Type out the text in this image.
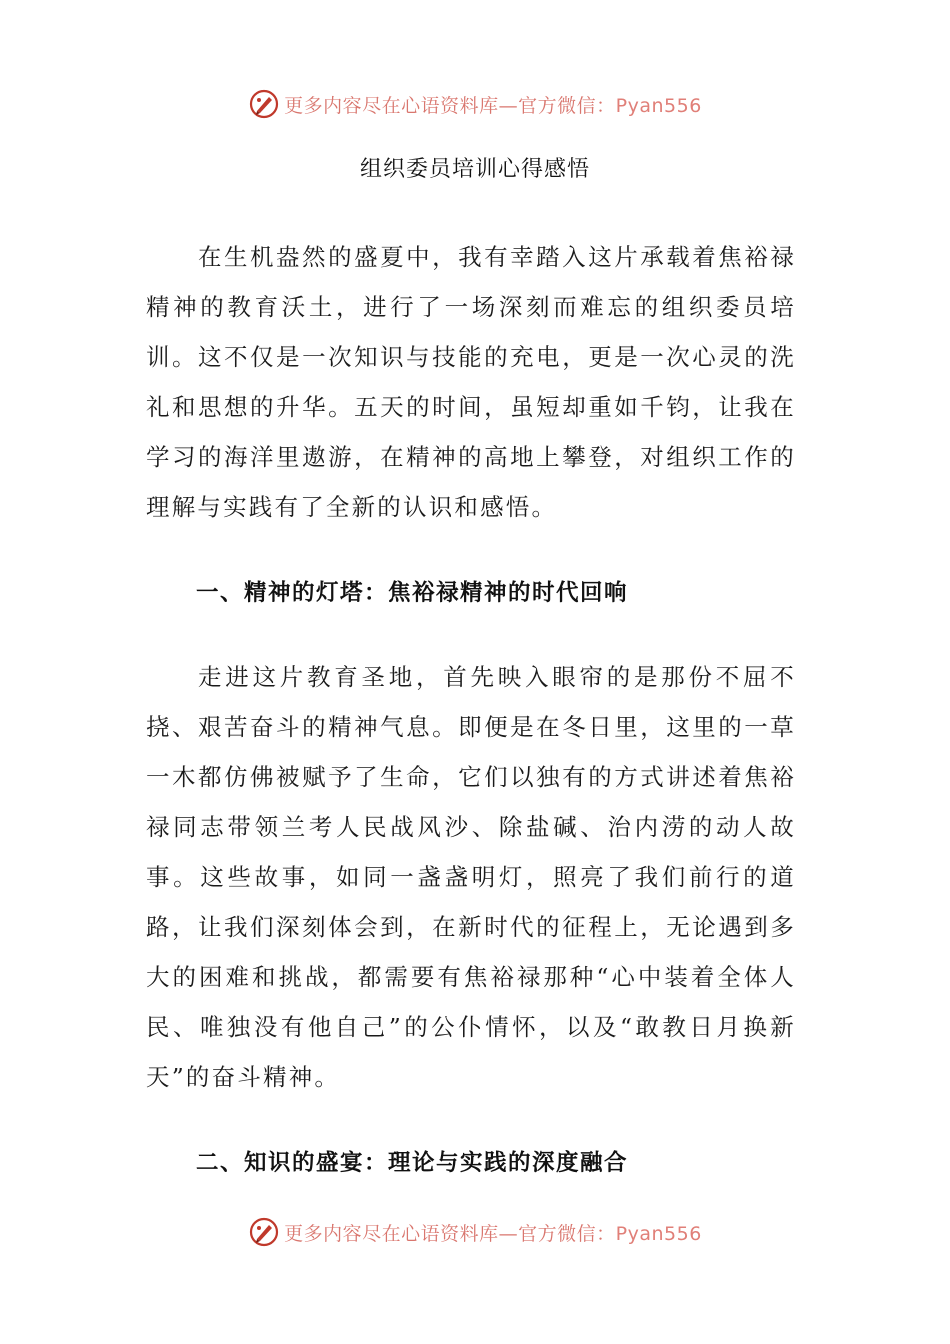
更多内容尽在心语资料库—官方微信：Pyan556
组织委员培训心得感悟

在生机盎然的盛夏中，我有幸踏入这片承载着焦裕禄精神的教育沃土，进行了一场深刻而难忘的组织委员培训。这不仅是一次知识与技能的充电，更是一次心灵的洗礼和思想的升华。五天的时间，虽短却重如千钧，让我在学习的海洋里遨游，在精神的高地上攀登，对组织工作的理解与实践有了全新的认识和感悟。

一、精神的灯塔：焦裕禄精神的时代回响

走进这片教育圣地，首先映入眼帘的是那份不屈不挠、艰苦奋斗的精神气息。即便是在冬日里，这里的一草一木都仿佛被赋予了生命，它们以独有的方式讲述着焦裕禄同志带领兰考人民战风沙、除盐碱、治内涝的动人故事。这些故事，如同一盏盏明灯，照亮了我们前行的道路，让我们深刻体会到，在新时代的征程上，无论遇到多大的困难和挑战，都需要有焦裕禄那种“心中装着全体人民、唯独没有他自己”的公仆情怀，以及“敢教日月换新天”的奋斗精神。

二、知识的盛宴：理论与实践的深度融合
更多内容尽在心语资料库—官方微信：Pyan556
